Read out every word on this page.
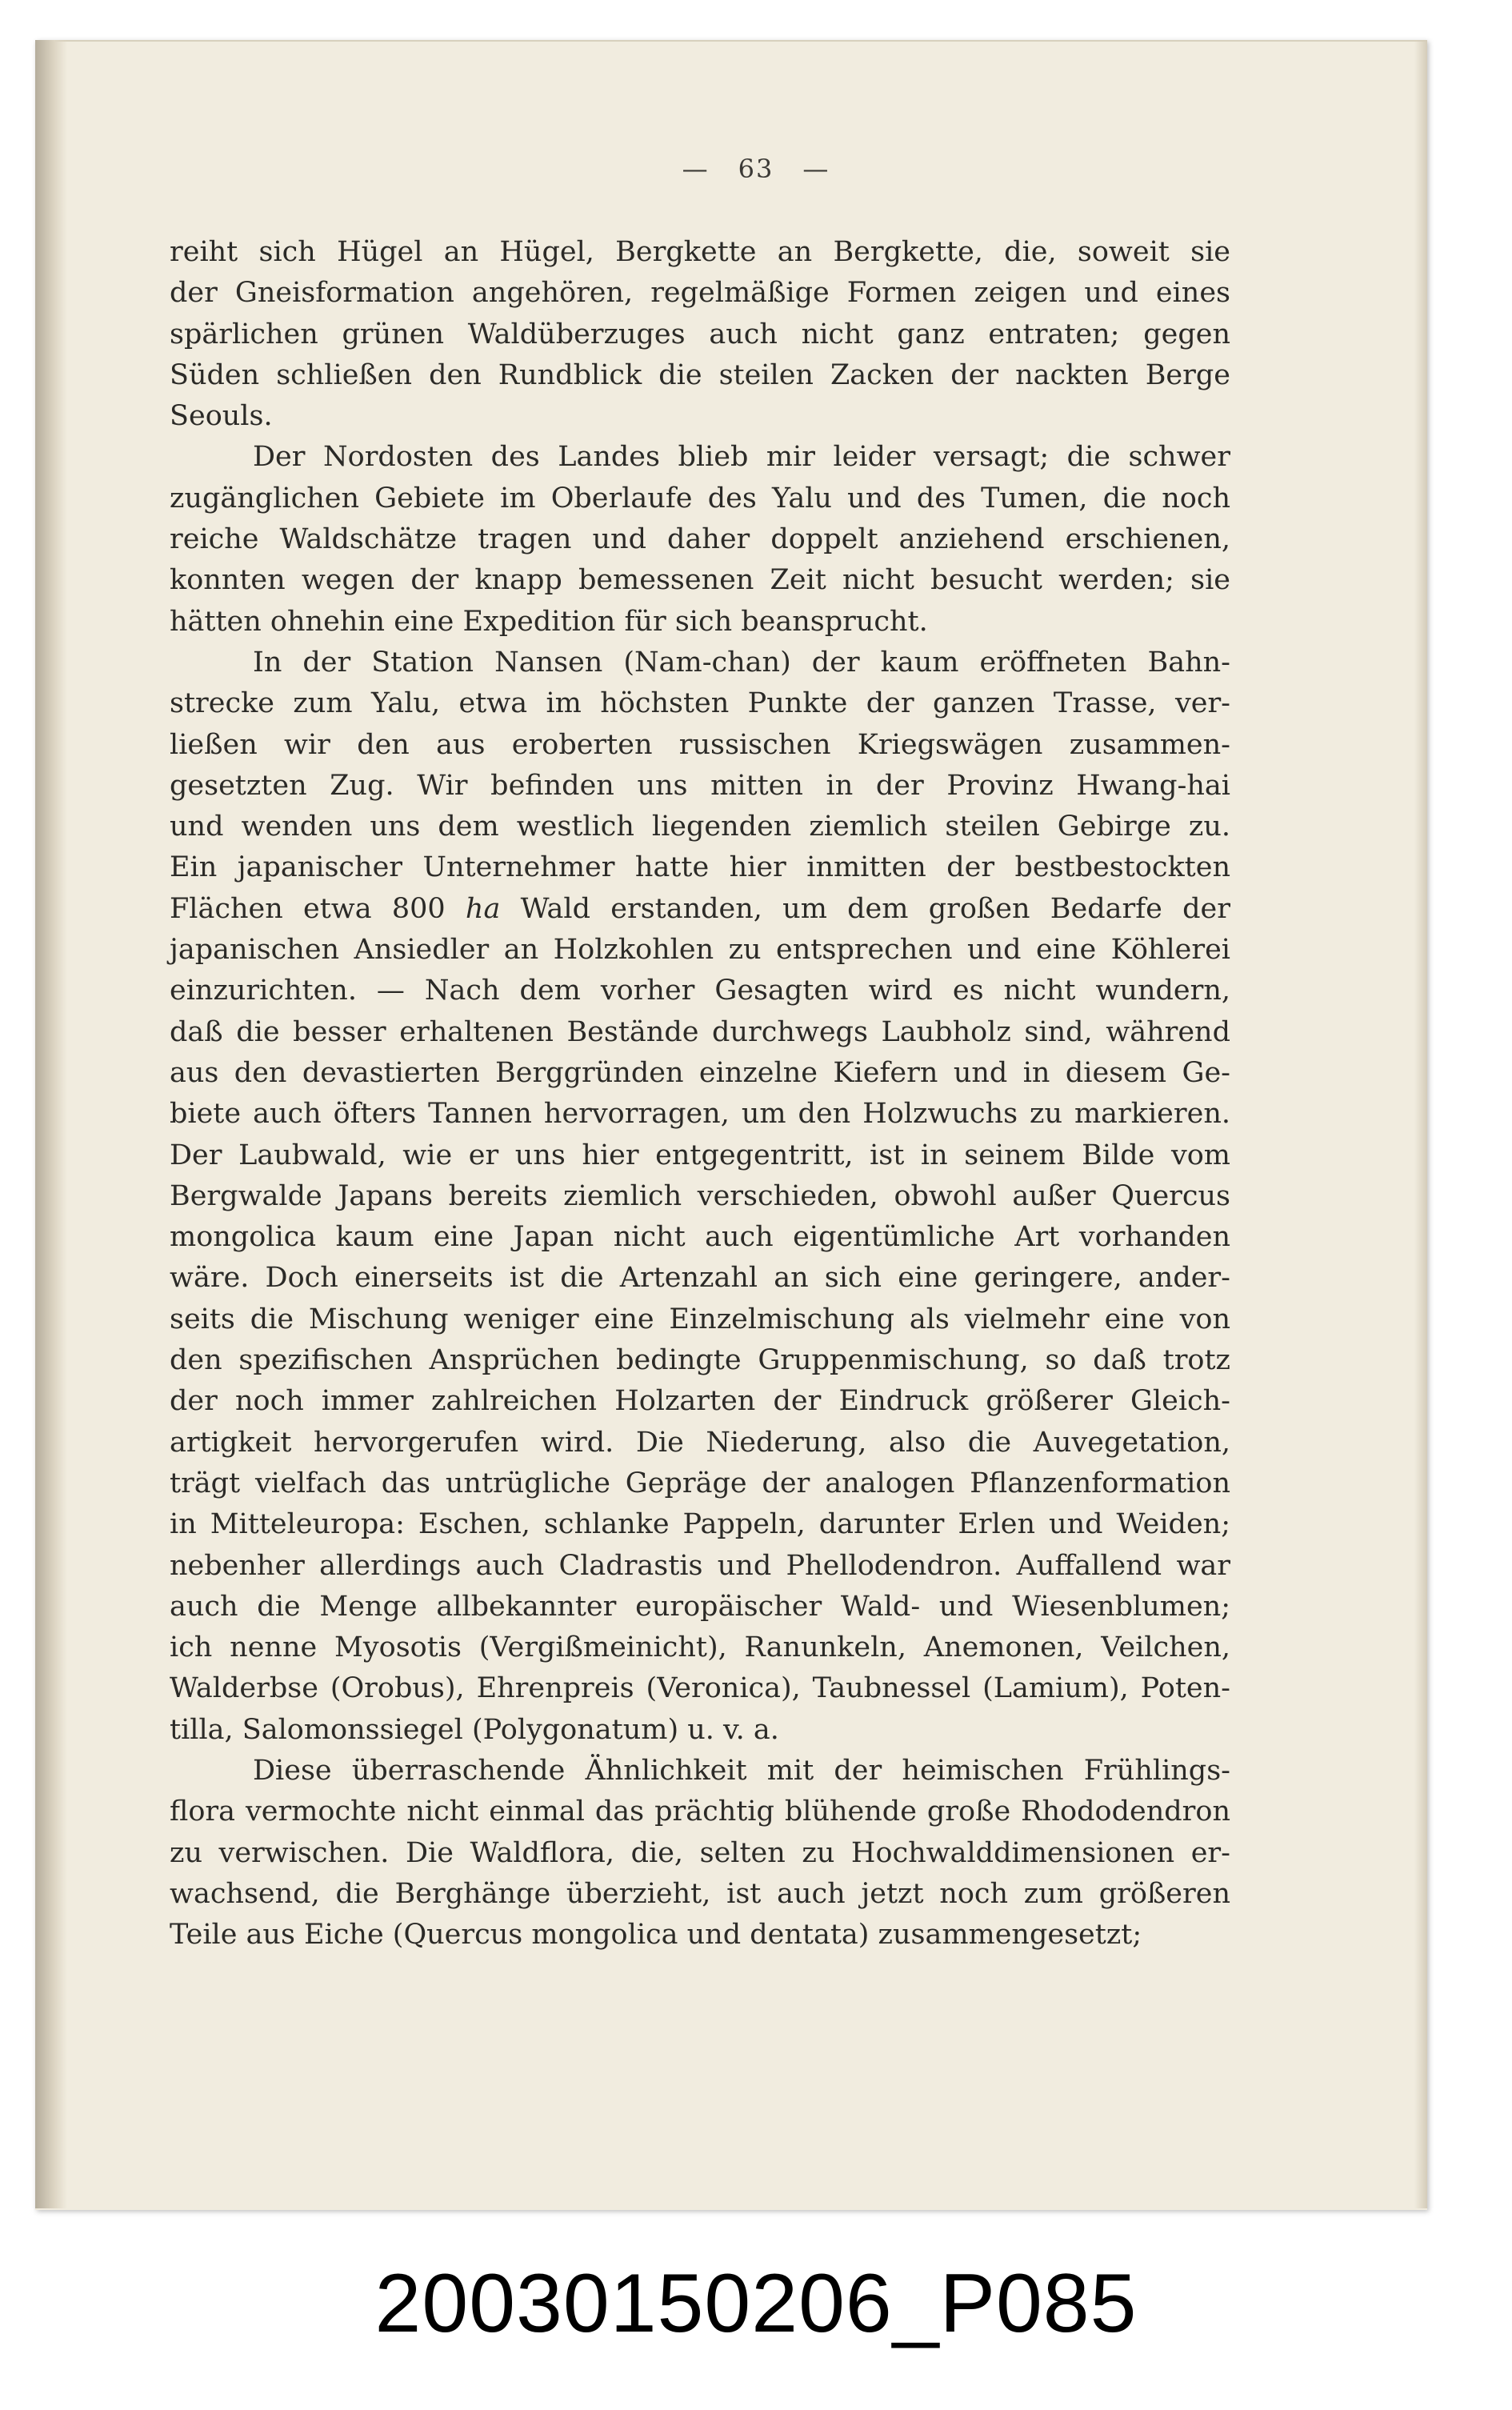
— 63 —
reiht sich Hügel an Hügel, Bergkette an Bergkette, die, soweit sie
der Gneisformation angehören, regelmäßige Formen zeigen und eines
spärlichen grünen Waldüberzuges auch nicht ganz entraten; gegen
Süden schließen den Rundblick die steilen Zacken der nackten Berge
Seouls.
Der Nordosten des Landes blieb mir leider versagt; die schwer
zugänglichen Gebiete im Oberlaufe des Yalu und des Tumen, die noch
reiche Waldschätze tragen und daher doppelt anziehend erschienen,
konnten wegen der knapp bemessenen Zeit nicht besucht werden; sie
hätten ohnehin eine Expedition für sich beansprucht.
In der Station Nansen (Nam-chan) der kaum eröffneten Bahn-
strecke zum Yalu, etwa im höchsten Punkte der ganzen Trasse, ver-
ließen wir den aus eroberten russischen Kriegswägen zusammen-
gesetzten Zug. Wir befinden uns mitten in der Provinz Hwang-hai
und wenden uns dem westlich liegenden ziemlich steilen Gebirge zu.
Ein japanischer Unternehmer hatte hier inmitten der bestbestockten
Flächen etwa 800 ha Wald erstanden, um dem großen Bedarfe der
japanischen Ansiedler an Holzkohlen zu entsprechen und eine Köhlerei
einzurichten. — Nach dem vorher Gesagten wird es nicht wundern,
daß die besser erhaltenen Bestände durchwegs Laubholz sind, während
aus den devastierten Berggründen einzelne Kiefern und in diesem Ge-
biete auch öfters Tannen hervorragen, um den Holzwuchs zu markieren.
Der Laubwald, wie er uns hier entgegentritt, ist in seinem Bilde vom
Bergwalde Japans bereits ziemlich verschieden, obwohl außer Quercus
mongolica kaum eine Japan nicht auch eigentümliche Art vorhanden
wäre. Doch einerseits ist die Artenzahl an sich eine geringere, ander-
seits die Mischung weniger eine Einzelmischung als vielmehr eine von
den spezifischen Ansprüchen bedingte Gruppenmischung, so daß trotz
der noch immer zahlreichen Holzarten der Eindruck größerer Gleich-
artigkeit hervorgerufen wird. Die Niederung, also die Auvegetation,
trägt vielfach das untrügliche Gepräge der analogen Pflanzenformation
in Mitteleuropa: Eschen, schlanke Pappeln, darunter Erlen und Weiden;
nebenher allerdings auch Cladrastis und Phellodendron. Auffallend war
auch die Menge allbekannter europäischer Wald- und Wiesenblumen;
ich nenne Myosotis (Vergißmeinicht), Ranunkeln, Anemonen, Veilchen,
Walderbse (Orobus), Ehrenpreis (Veronica), Taubnessel (Lamium), Poten-
tilla, Salomonssiegel (Polygonatum) u. v. a.
Diese überraschende Ähnlichkeit mit der heimischen Frühlings-
flora vermochte nicht einmal das prächtig blühende große Rhododendron
zu verwischen. Die Waldflora, die, selten zu Hochwalddimensionen er-
wachsend, die Berghänge überzieht, ist auch jetzt noch zum größeren
Teile aus Eiche (Quercus mongolica und dentata) zusammengesetzt;
20030150206_P085
